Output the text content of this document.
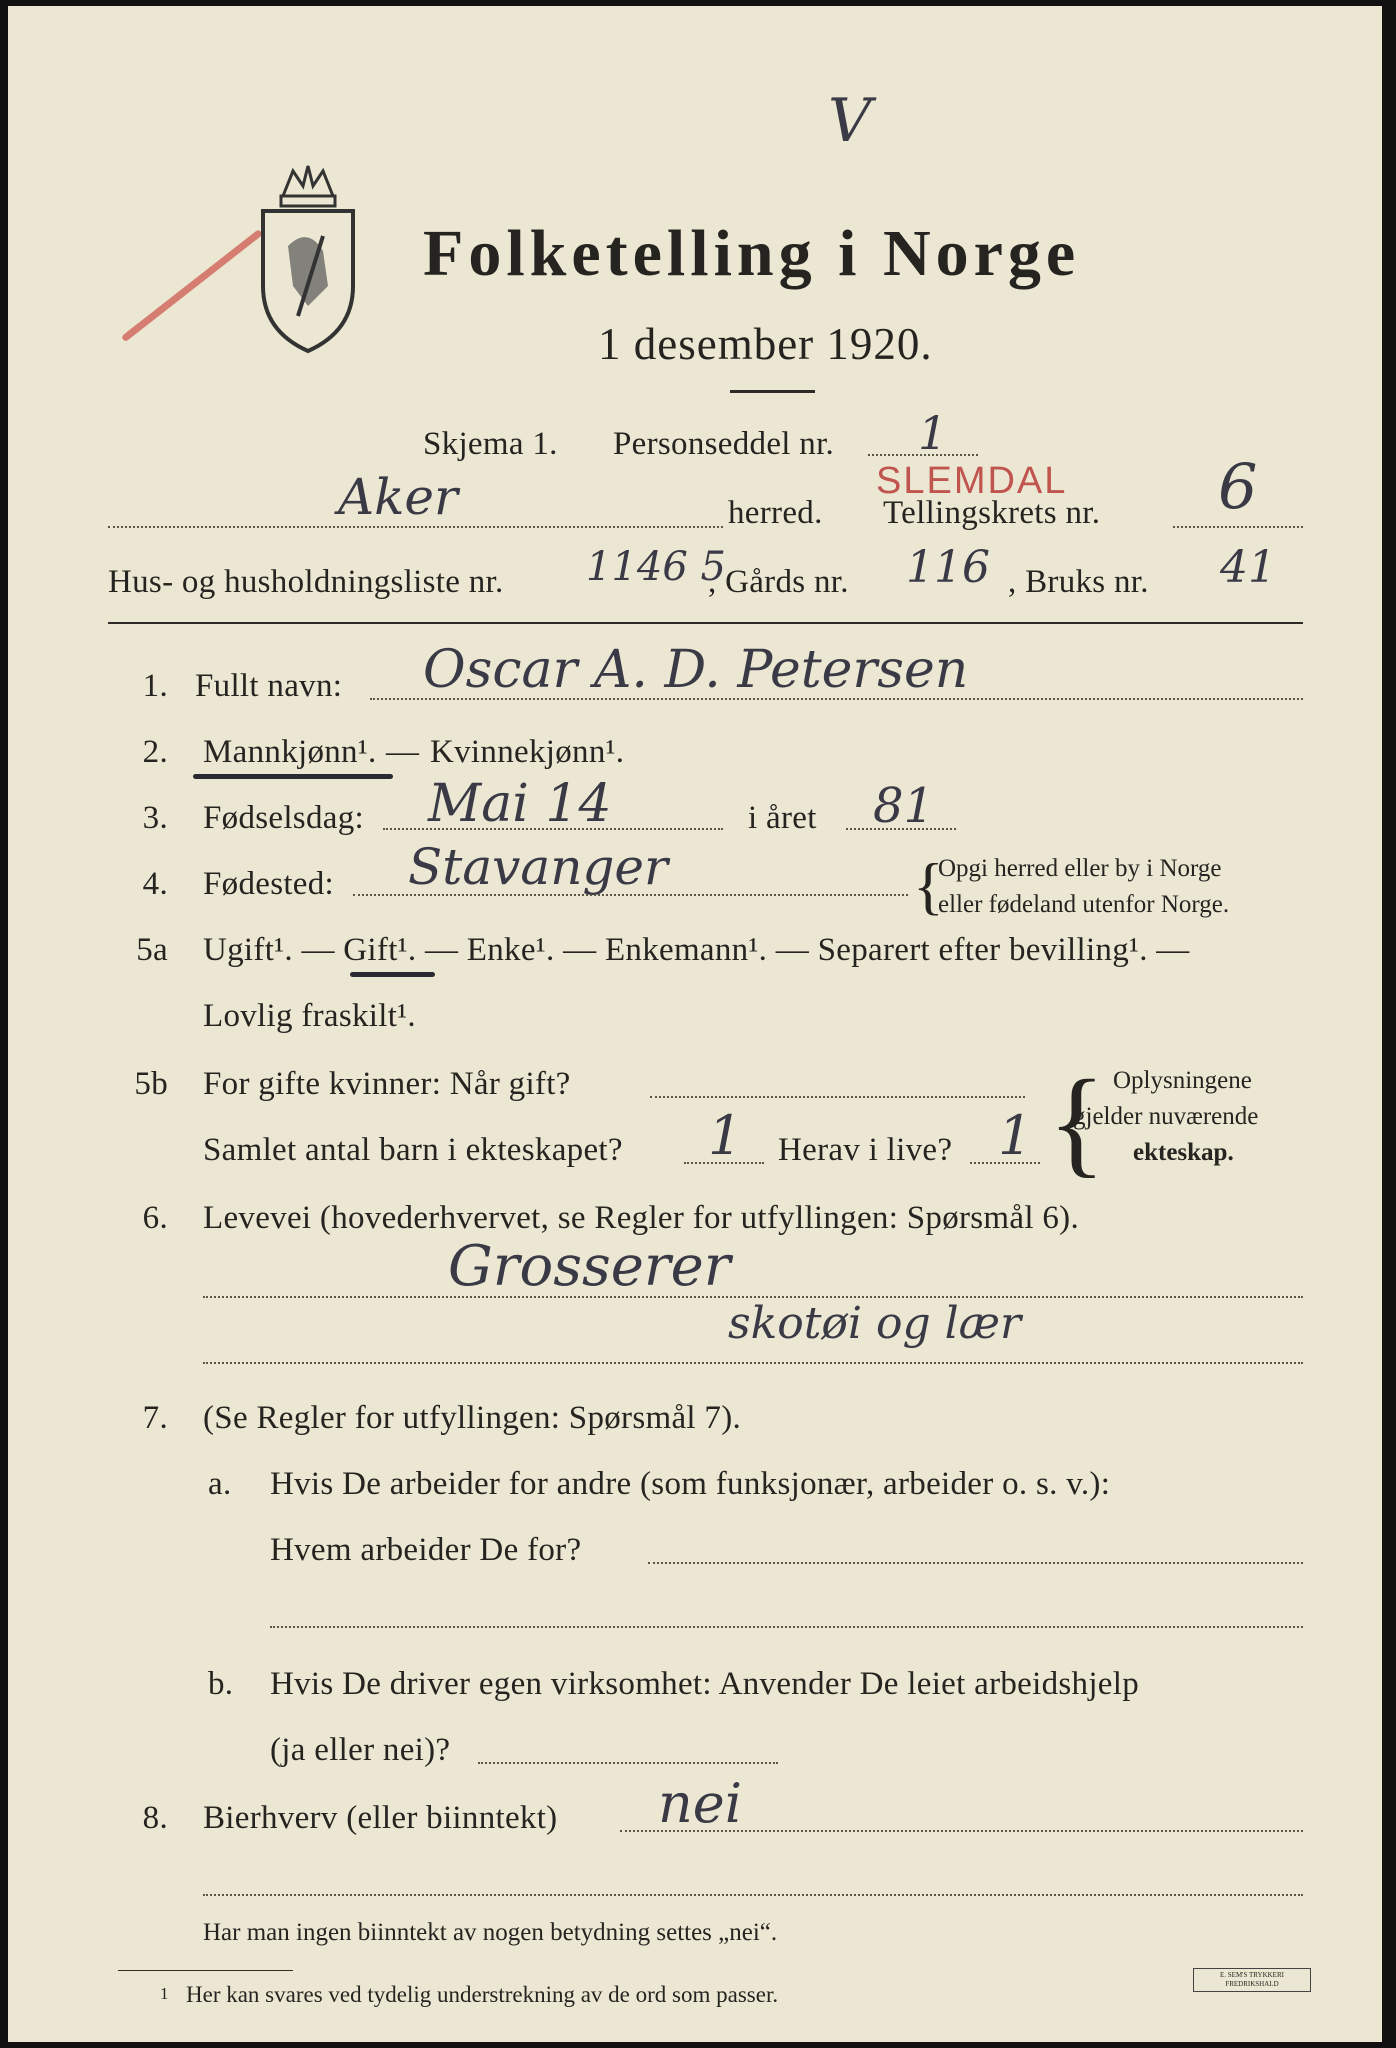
V
Folketelling i Norge
1 desember 1920.
Skjema 1. Personseddel nr. 1
Aker	herred.
SLEMDAL
Tellingskrets nr. 6
Hus- og husholdningsliste nr. 1146 5
, Gårds nr. 116 , Bruks nr. 41
1. Fullt navn: Oscar A. D. Petersen
2. Mannkjønn¹. — Kvinnekjønn¹.
3. Fødselsdag: Mai 14	i året 81
4. Fødested: Stavanger	{
Opgi herred eller by i Norge
eller fødeland utenfor Norge.
5a Ugift¹. — Gift¹. — Enke¹. — Enkemann¹. — Separert efter bevilling¹. —
Lovlig fraskilt¹.
5b For gifte kvinner: Når gift?
Samlet antal barn i ekteskapet? 1 Herav i live? 1 { Oplysningene
gjelder nuværende
ekteskap.
6. Levevei (hovederhvervet, se Regler for utfyllingen: Spørsmål 6).
Grosserer
skotøi og lær
7. (Se Regler for utfyllingen: Spørsmål 7).
a. Hvis De arbeider for andre (som funksjonær, arbeider o. s. v.):
Hvem arbeider De for?
b. Hvis De driver egen virksomhet: Anvender De leiet arbeidshjelp
(ja eller nei)?
8. Bierhverv (eller biinntekt) nei
Har man ingen biinntekt av nogen betydning settes „nei“.
1 Her kan svares ved tydelig understrekning av de ord som passer.
E. SEM'S TRYKKERI FREDRIKSHALD
